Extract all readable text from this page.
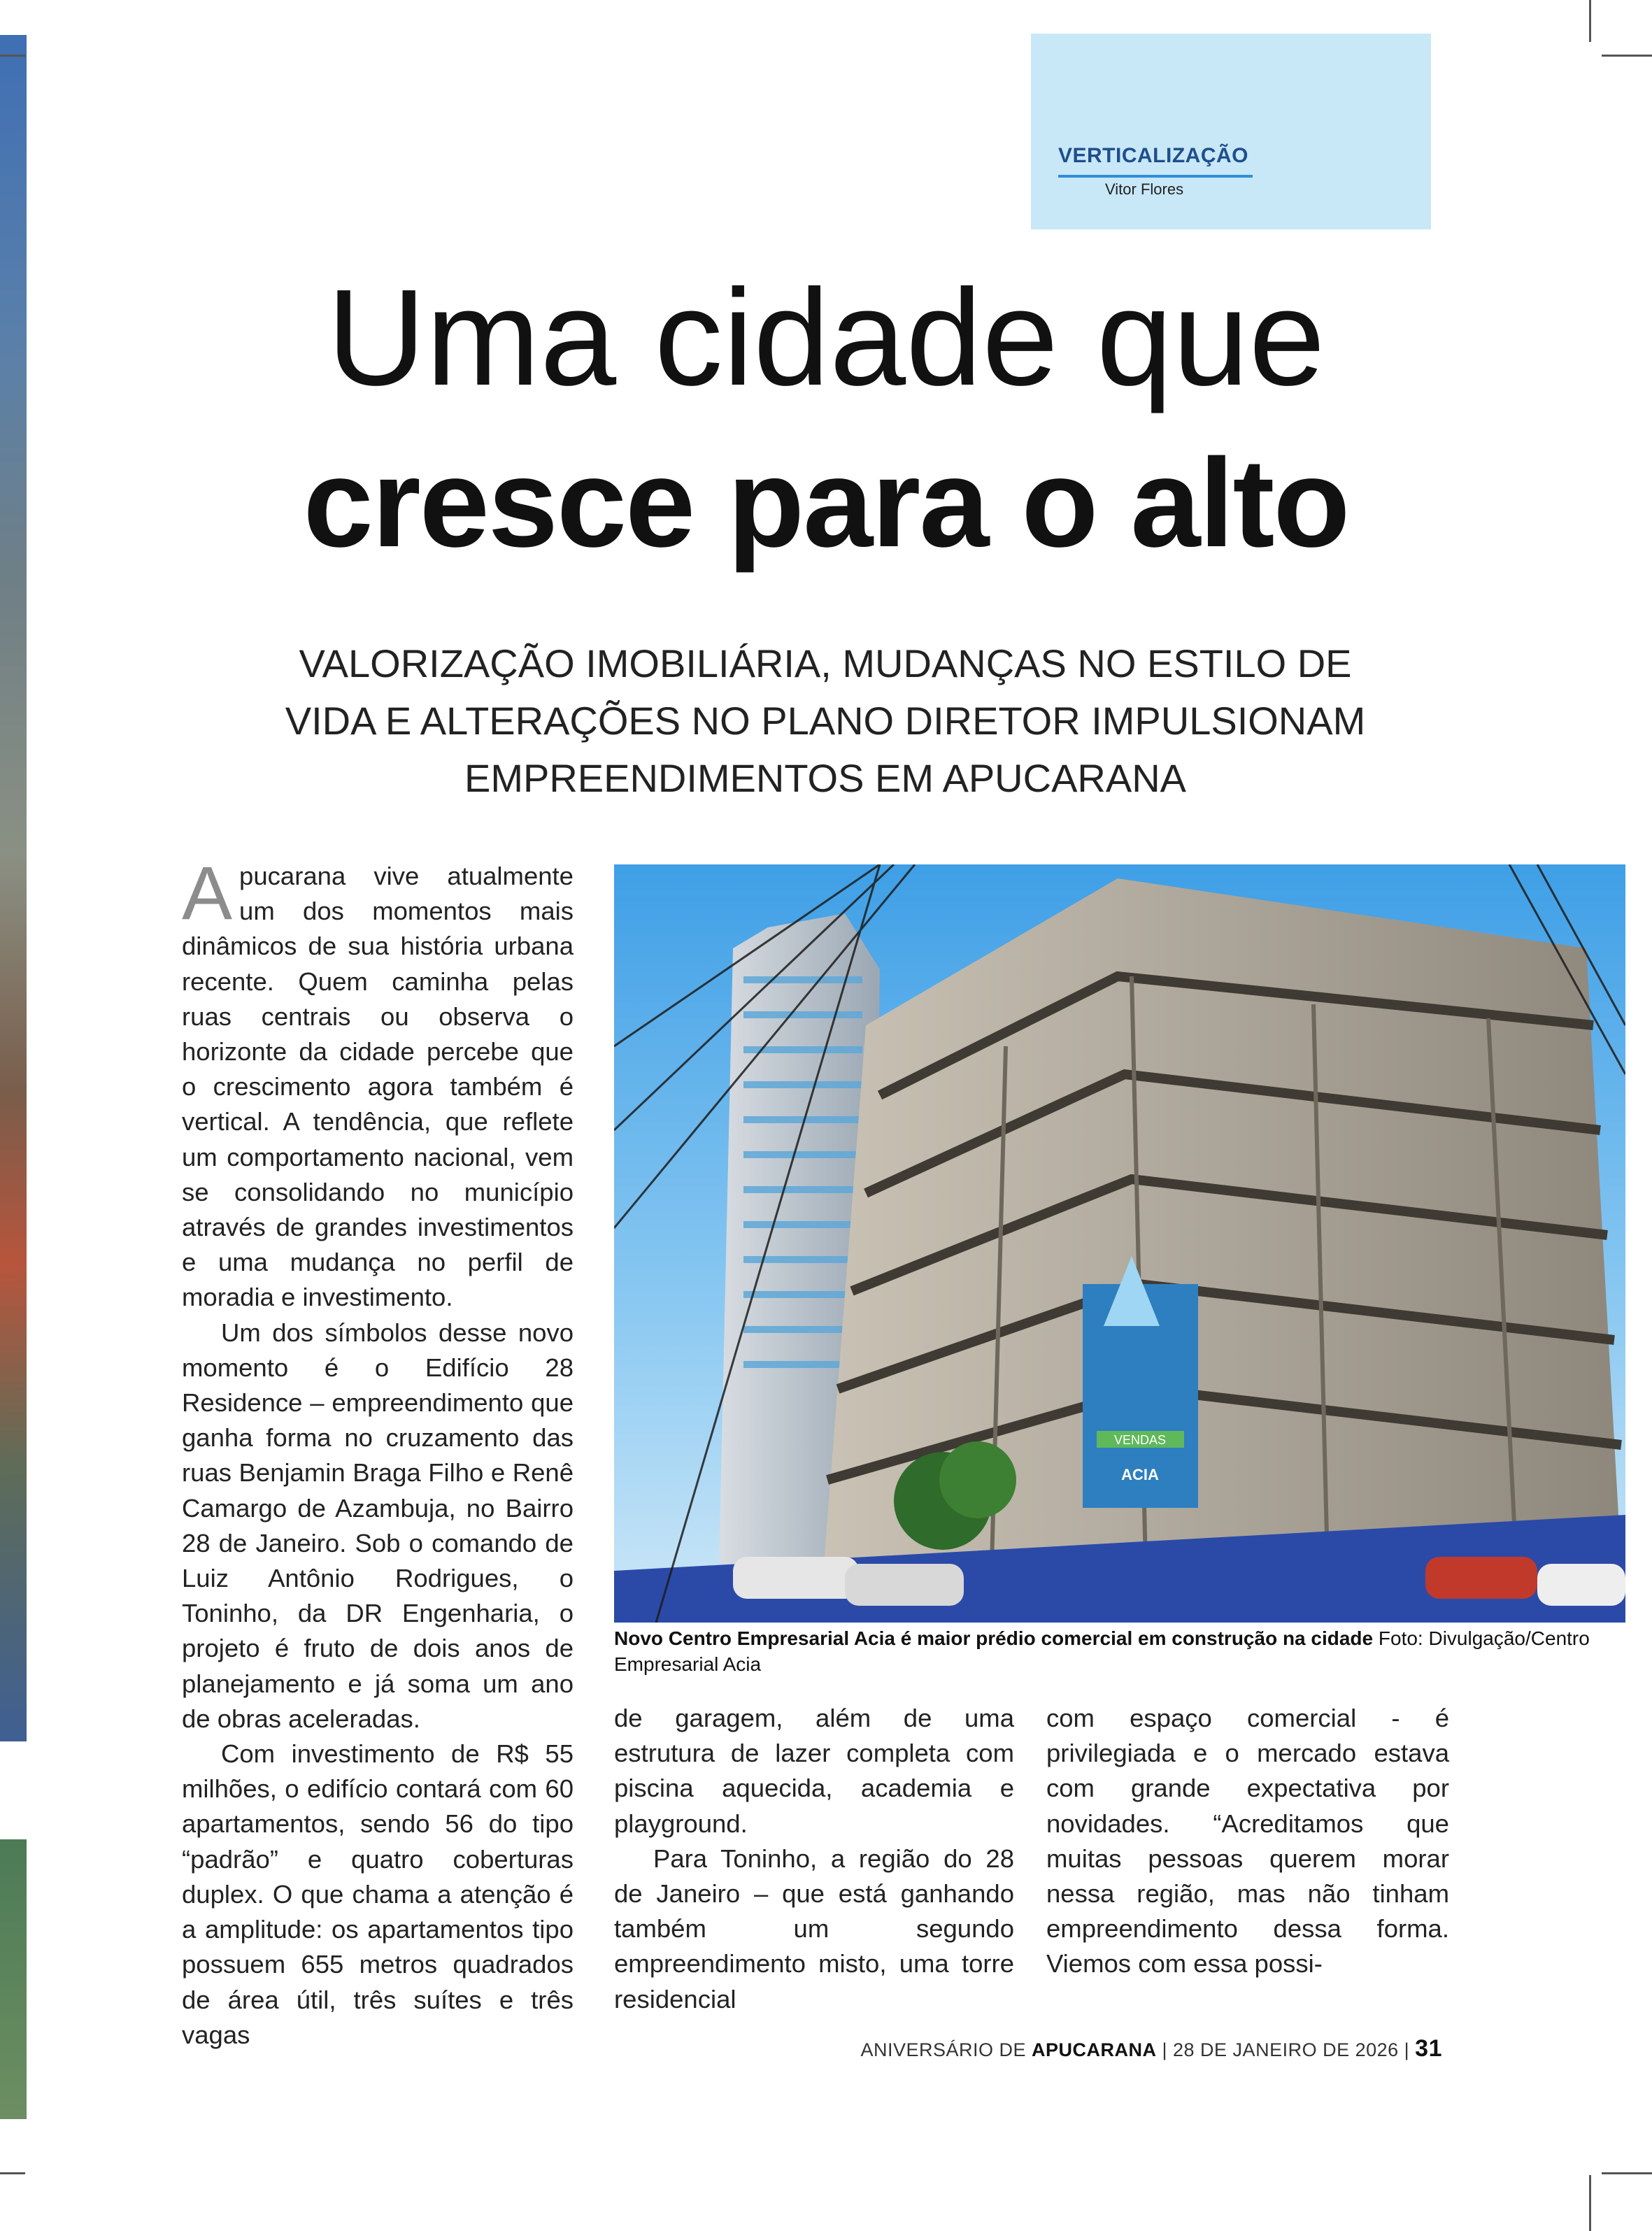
VERTICALIZAÇÃO
Vitor Flores
Uma cidade que
cresce para o alto
VALORIZAÇÃO IMOBILIÁRIA, MUDANÇAS NO ESTILO DE
VIDA E ALTERAÇÕES NO PLANO DIRETOR IMPULSIONAM
EMPREENDIMENTOS EM APUCARANA

Apucarana vive atualmente um dos momentos mais dinâmicos de sua história urbana recente. Quem caminha pelas ruas centrais ou observa o horizonte da cidade percebe que o crescimento agora também é vertical. A tendência, que reflete um comportamento nacional, vem se consolidando no município através de grandes investimentos e uma mudança no perfil de moradia e investimento.

Um dos símbolos desse novo momento é o Edifício 28 Residence – empreendimento que ganha forma no cruzamento das ruas Benjamin Braga Filho e Renê Camargo de Azambuja, no Bairro 28 de Janeiro. Sob o comando de Luiz Antônio Rodrigues, o Toninho, da DR Engenharia, o projeto é fruto de dois anos de planejamento e já soma um ano de obras aceleradas.

Com investimento de R$ 55 milhões, o edifício contará com 60 apartamentos, sendo 56 do tipo “padrão” e quatro coberturas duplex. O que chama a atenção é a amplitude: os apartamentos tipo possuem 655 metros quadrados de área útil, três suítes e três vagas

VENDAS
ACIA
Novo Centro Empresarial Acia é maior prédio comercial em construção na cidade Foto: Divulgação/Centro Empresarial Acia

de garagem, além de uma estrutura de lazer completa com piscina aquecida, academia e playground.

Para Toninho, a região do 28 de Janeiro – que está ganhando também um segundo empreendimento misto, uma torre residencial

com espaço comercial - é privilegiada e o mercado estava com grande expectativa por novidades. “Acreditamos que muitas pessoas querem morar nessa região, mas não tinham empreendimento dessa forma. Viemos com essa possi-

ANIVERSÁRIO DE APUCARANA | 28 DE JANEIRO DE 2026 | 31
